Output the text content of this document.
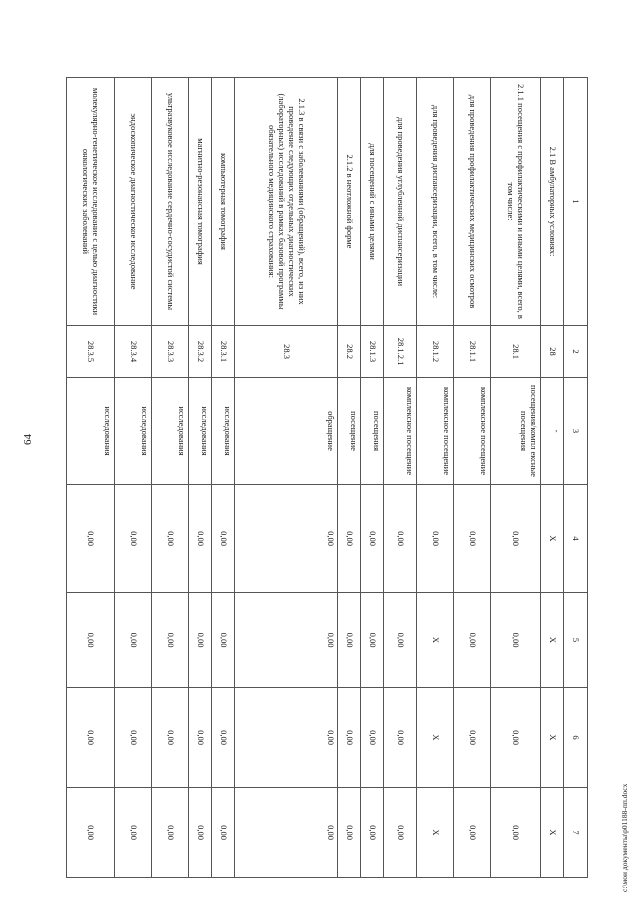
64
1	2	3	4	5	6	7
2.1 В амбулаторных условиях:	28	-	X	X	X	X
2.1.1 посещения с профилактическими и иными целями, всего, в том числе:	28.1	посещения/компл ексные посещения	0,00	0,00	0,00	0,00
для проведения профилактических медицинских осмотров	28.1.1	комплексное посещение	0,00	0,00	0,00	0,00
для проведения диспансеризации, всего, в том числе:	28.1.2	комплексное посещение	0,00	X	X	X
для проведения углубленной диспансеризации	28.1.2.1	комплексное посещение	0,00	0,00	0,00	0,00
для посещений с иными целями	28.1.3	посещения	0,00	0,00	0,00	0,00
2.1.2 в неотложной форме	28.2	посещение	0,00	0,00	0,00	0,00
2.1.3 в связи с заболеваниями (обращений), всего, из них проведение следующих отдельных диагностических (лабораторных) исследований в рамках базовой программы обязательного медицинского страхования:	28.3	обращение	0,00	0,00	0,00	0,00
компьютерная томография	28.3.1	исследования	0,00	0,00	0,00	0,00
магнитно-резонансная томография	28.3.2	исследования	0,00	0,00	0,00	0,00
ультразвуковое исследование сердечно-сосудистой системы	28.3.3	исследования	0,00	0,00	0,00	0,00
эндоскопическое диагностическое исследование	28.3.4	исследования	0,00	0,00	0,00	0,00
молекулярно-генетическое исследование с целью диагностики онкологических заболеваний	28.3.5	исследования	0,00	0,00	0,00	0,00	c:\мои документы\p01188-пп.docx
